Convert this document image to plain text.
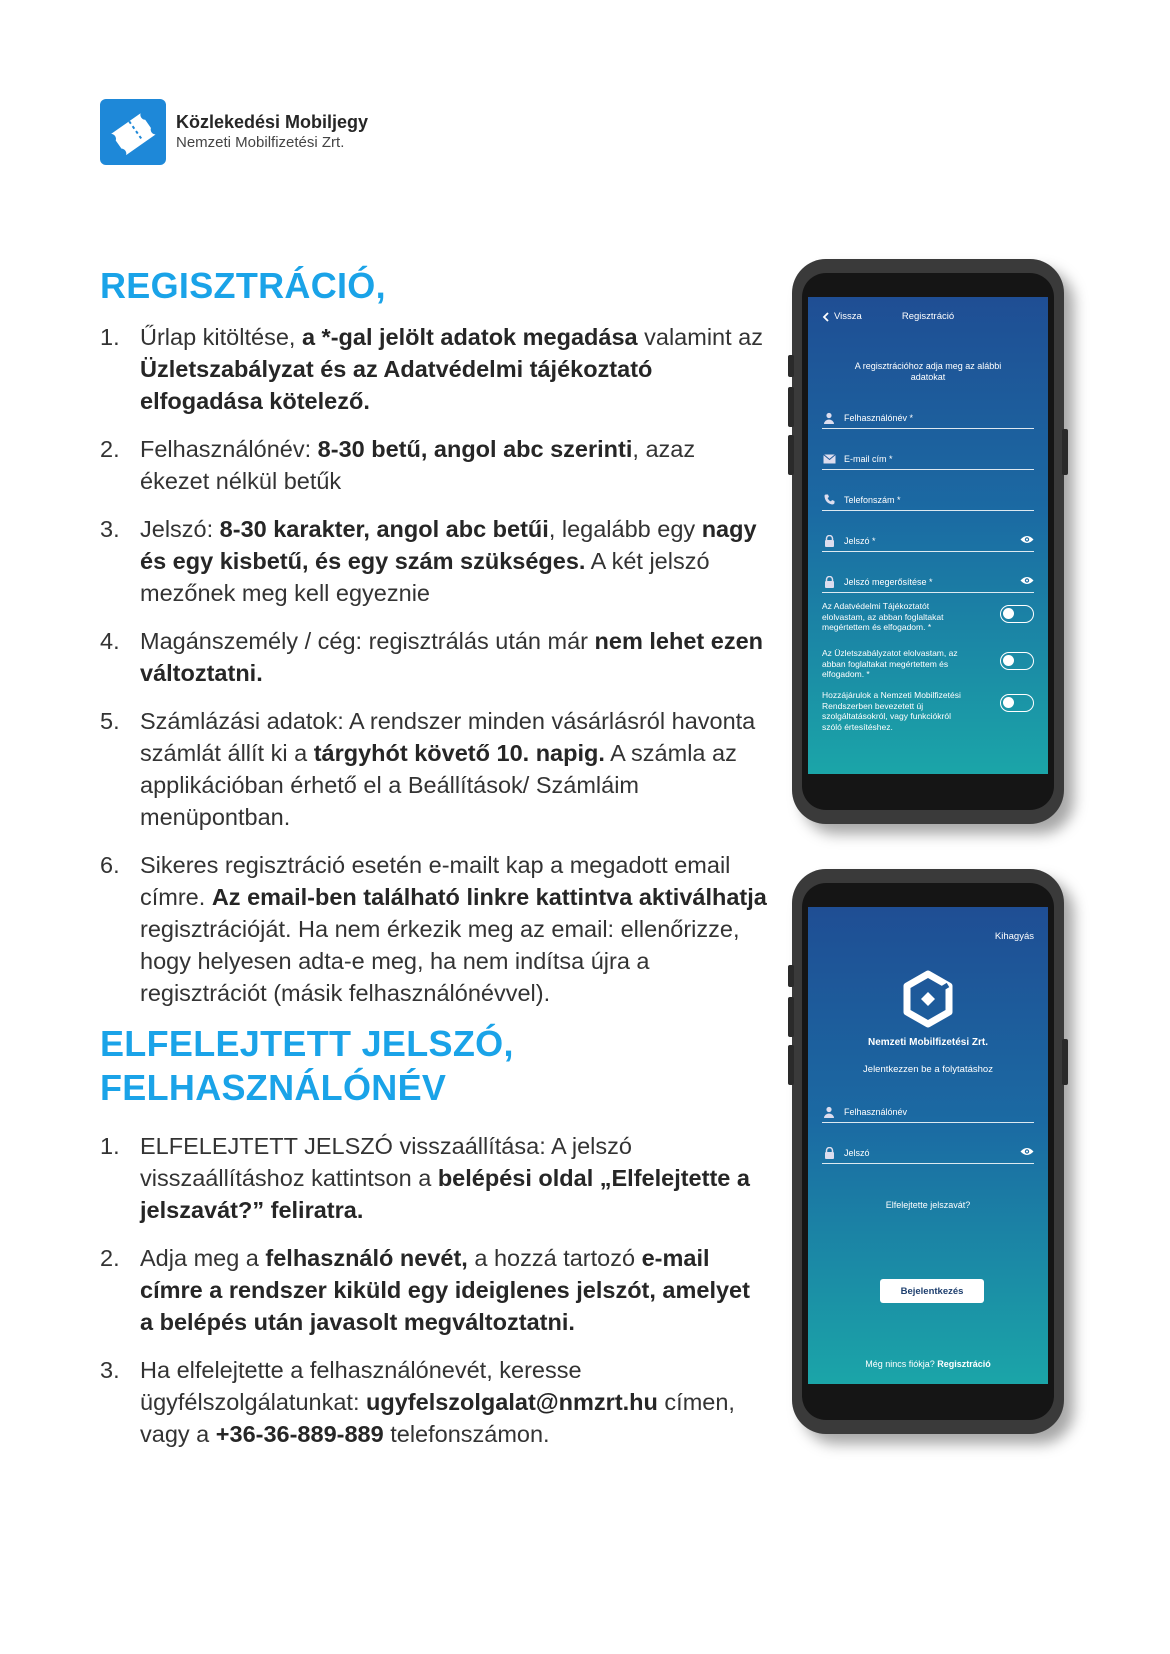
Közlekedési Mobiljegy
Nemzeti Mobilfizetési Zrt.
REGISZTRÁCIÓ,
1. Űrlap kitöltése, a *-gal jelölt adatok megadása valamint az Üzletszabályzat és az Adatvédelmi tájékoztató elfogadása kötelező.
2. Felhasználónév: 8-30 betű, angol abc szerinti, azaz ékezet nélkül betűk
3. Jelszó: 8-30 karakter, angol abc betűi, legalább egy nagy és egy kisbetű, és egy szám szükséges. A két jelszó mezőnek meg kell egyeznie
4. Magánszemély / cég: regisztrálás után már nem lehet ezen változtatni.
5. Számlázási adatok: A rendszer minden vásárlásról havonta számlát állít ki a tárgyhót követő 10. napig. A számla az applikációban érhető el a Beállítások/ Számláim menüpontban.
6. Sikeres regisztráció esetén e-mailt kap a megadott email címre. Az email-ben található linkre kattintva aktiválhatja regisztrációját. Ha nem érkezik meg az email: ellenőrizze, hogy helyesen adta-e meg, ha nem indítsa újra a regisztrációt (másik felhasználónévvel).
ELFELEJTETT JELSZÓ,
FELHASZNÁLÓNÉV
1. ELFELEJTETT JELSZÓ visszaállítása: A jelszó visszaállításhoz kattintson a belépési oldal „Elfelejtette a jelszavát?” feliratra.
2. Adja meg a felhasználó nevét, a hozzá tartozó e-mail címre a rendszer kiküld egy ideiglenes jelszót, amelyet a belépés után javasolt megváltoztatni.
3. Ha elfelejtette a felhasználónevét, keresse ügyfélszolgálatunkat: ugyfelszolgalat@nmzrt.hu címen, vagy a +36-36-889-889 telefonszámon.
Regisztráció
Vissza
A regisztrációhoz adja meg az alábbi adatokat
Felhasználónév *
E-mail cím *
Telefonszám *
Jelszó *
Jelszó megerősítése *
Az Adatvédelmi Tájékoztatót elolvastam, az abban foglaltakat megértettem és elfogadom. *
Az Üzletszabályzatot elolvastam, az abban foglaltakat megértettem és elfogadom. *
Hozzájárulok a Nemzeti Mobilfizetési Rendszerben bevezetett új szolgáltatásokról, vagy funkciókról szóló értesítéshez.
Kihagyás
Nemzeti Mobilfizetési Zrt.
Jelentkezzen be a folytatáshoz
Felhasználónév
Jelszó
Elfelejtette jelszavát?
Bejelentkezés
Még nincs fiókja? Regisztráció
